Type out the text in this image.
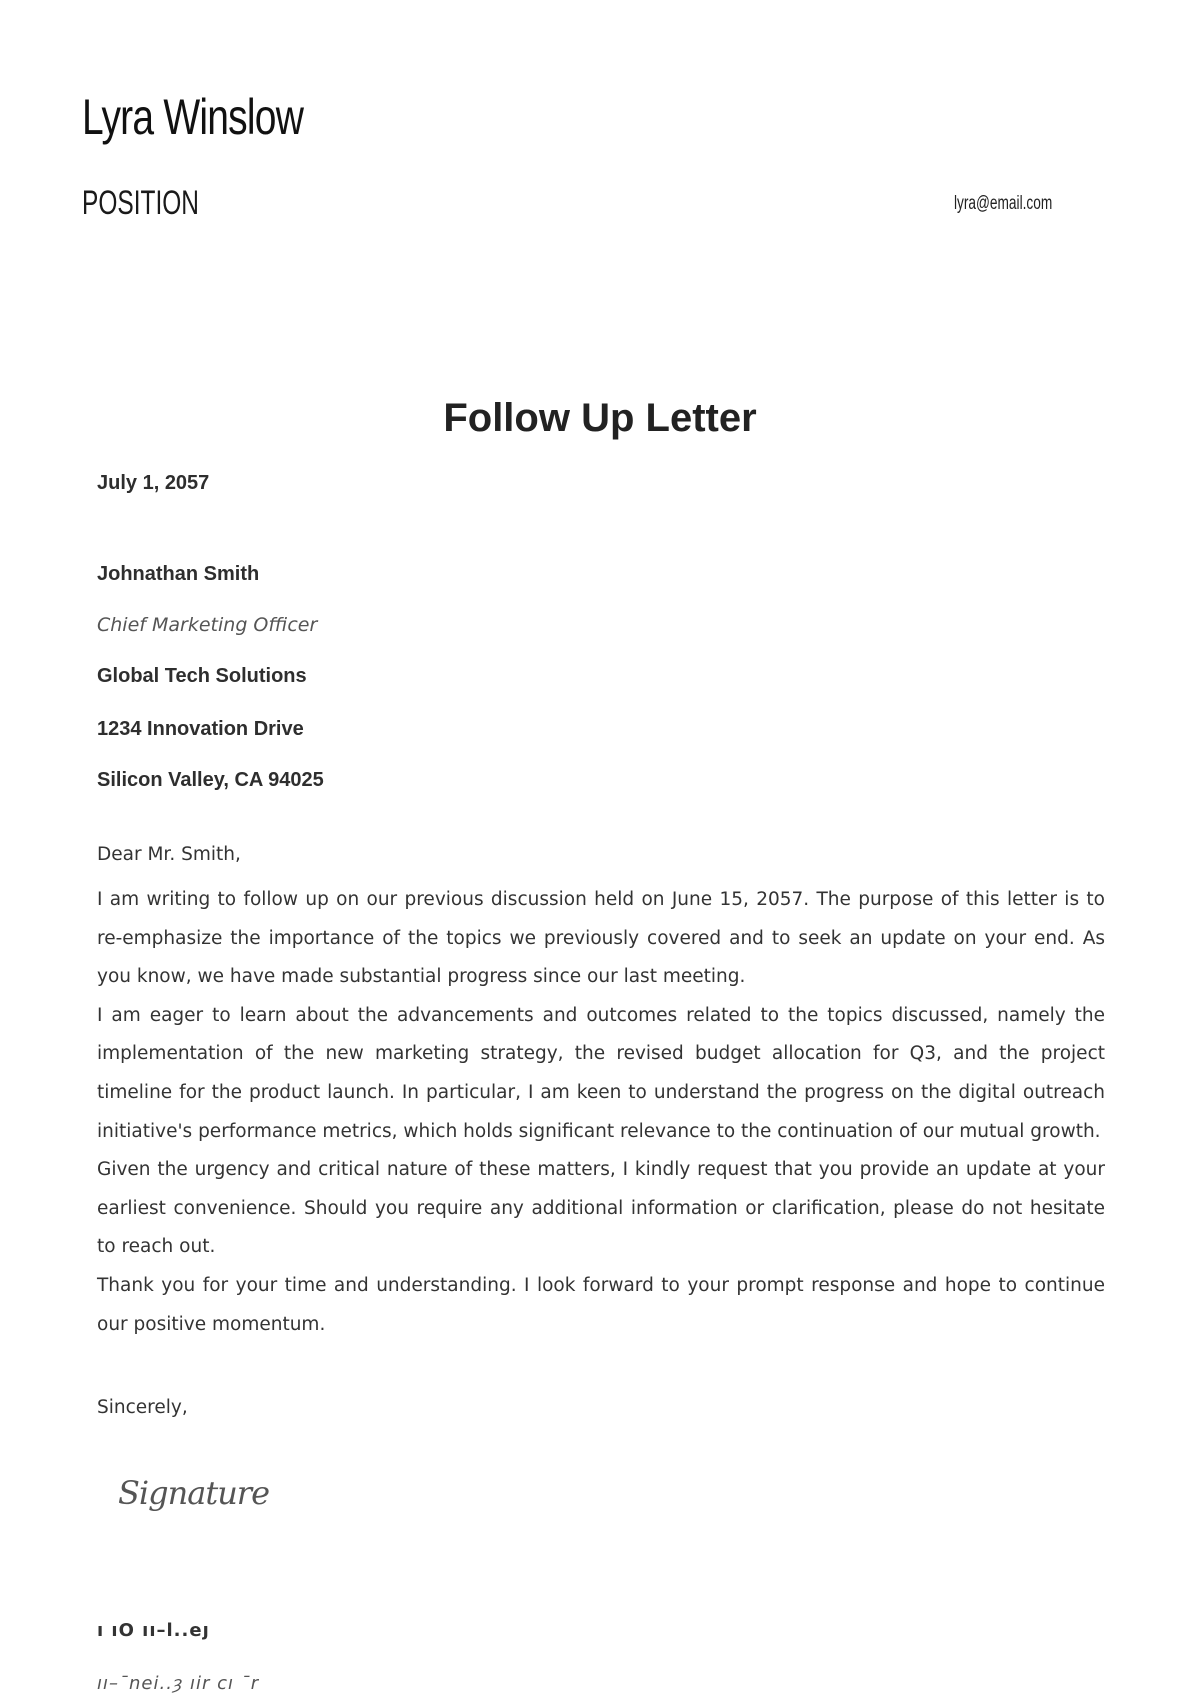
Lyra Winslow
POSITION	lyra@email.com
Follow Up Letter
July 1, 2057
Johnathan Smith
Chief Marketing Officer
Global Tech Solutions
1234 Innovation Drive
Silicon Valley, CA 94025
Dear Mr. Smith,

I am writing to follow up on our previous discussion held on June 15, 2057. The purpose of this letter is to re-emphasize the importance of the topics we previously covered and to seek an update on your end. As you know, we have made substantial progress since our last meeting.

I am eager to learn about the advancements and outcomes related to the topics discussed, namely the implementation of the new marketing strategy, the revised budget allocation for Q3, and the project timeline for the product launch. In particular, I am keen to understand the progress on the digital outreach initiative's performance metrics, which holds significant relevance to the continuation of our mutual growth.

Given the urgency and critical nature of these matters, I kindly request that you provide an update at your earliest convenience. Should you require any additional information or clarification, please do not hesitate to reach out.

Thank you for your time and understanding. I look forward to your prompt response and hope to continue our positive momentum.

Sincerely,
Signature
ı ıO ıı–l..eȷ
ıı–ˉnei..ȝ ıir cı ˉr
